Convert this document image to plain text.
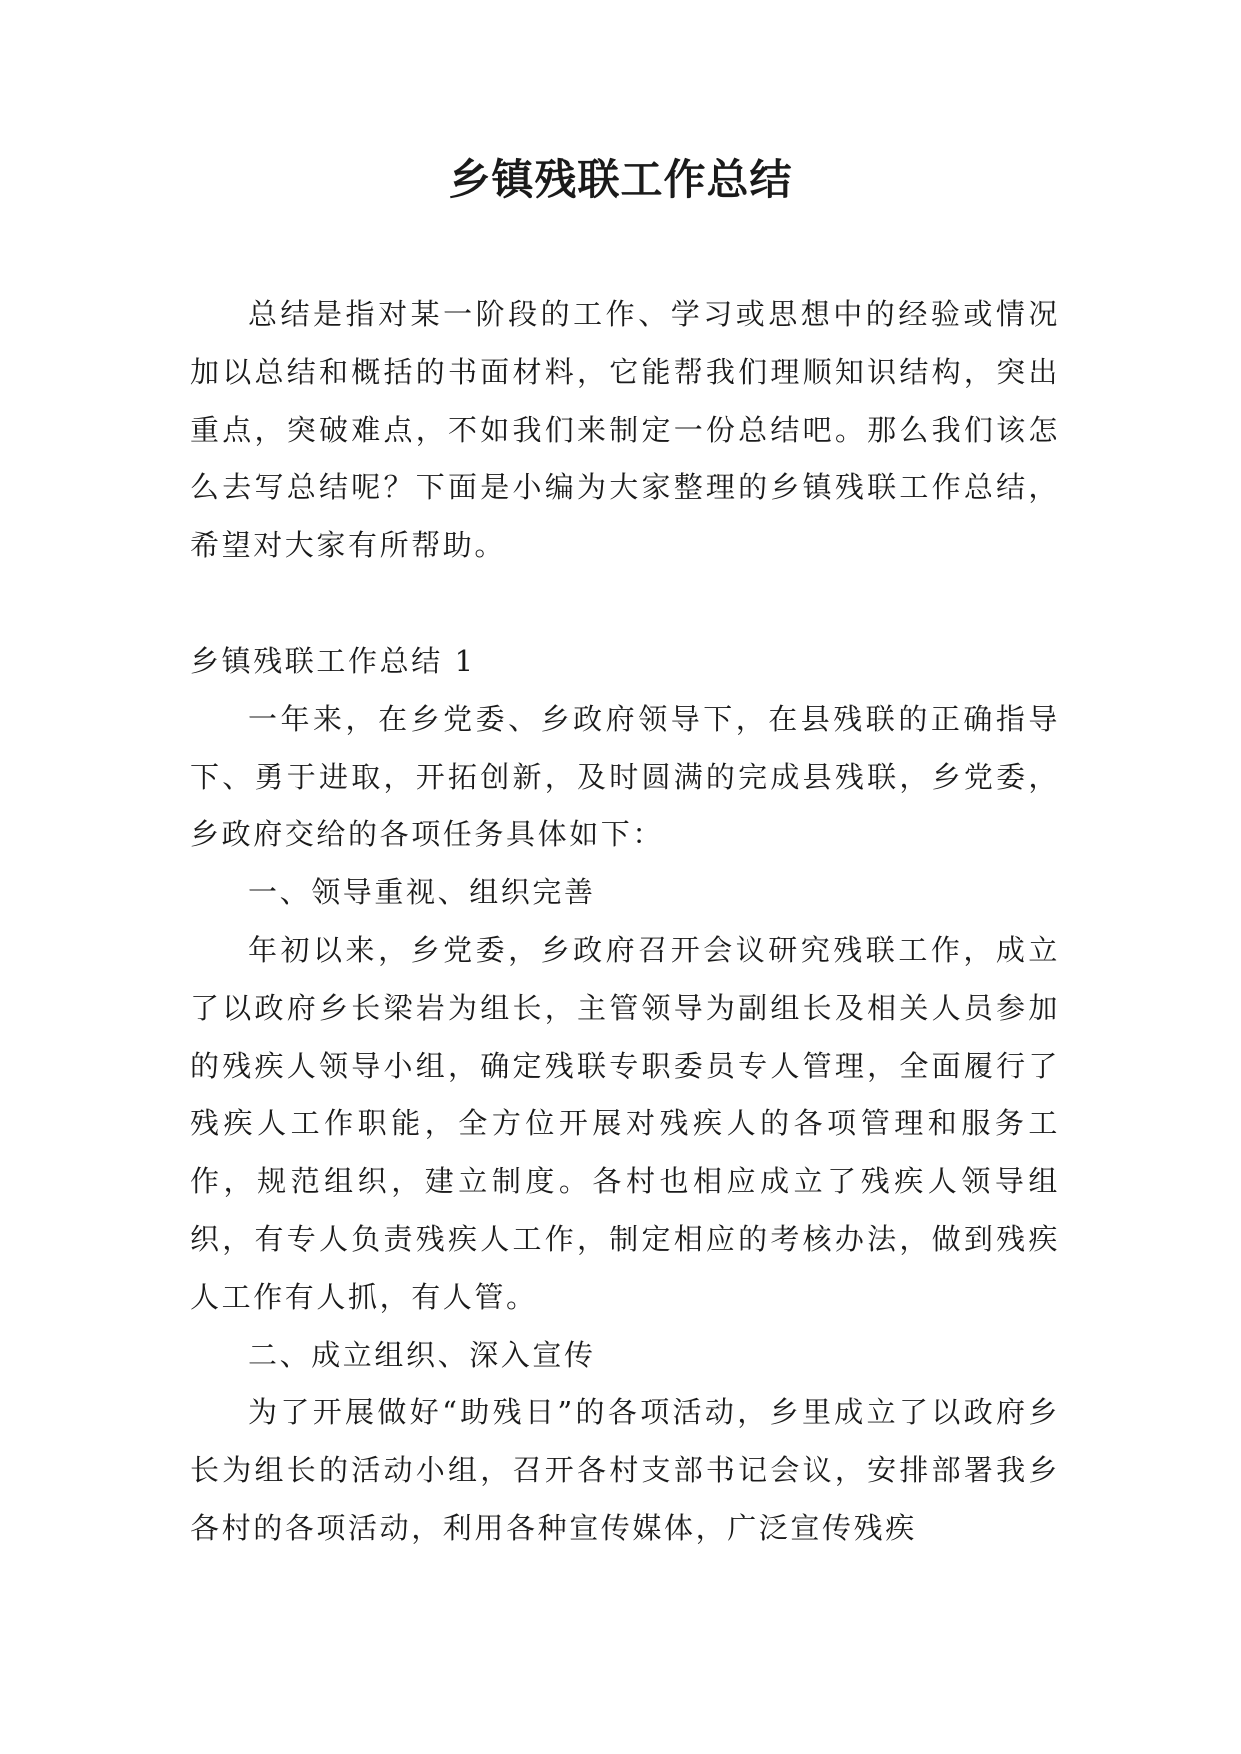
乡镇残联工作总结

总结是指对某一阶段的工作、学习或思想中的经验或情况加以总结和概括的书面材料，它能帮我们理顺知识结构，突出重点，突破难点，不如我们来制定一份总结吧。那么我们该怎么去写总结呢？下面是小编为大家整理的乡镇残联工作总结，希望对大家有所帮助。

乡镇残联工作总结 1

一年来，在乡党委、乡政府领导下，在县残联的正确指导下、勇于进取，开拓创新，及时圆满的完成县残联，乡党委，乡政府交给的各项任务具体如下：

一、领导重视、组织完善

年初以来，乡党委，乡政府召开会议研究残联工作，成立了以政府乡长梁岩为组长，主管领导为副组长及相关人员参加的残疾人领导小组，确定残联专职委员专人管理，全面履行了残疾人工作职能，全方位开展对残疾人的各项管理和服务工作，规范组织，建立制度。各村也相应成立了残疾人领导组织，有专人负责残疾人工作，制定相应的考核办法，做到残疾人工作有人抓，有人管。

二、成立组织、深入宣传

为了开展做好“助残日”的各项活动，乡里成立了以政府乡长为组长的活动小组，召开各村支部书记会议，安排部署我乡各村的各项活动，利用各种宣传媒体，广泛宣传残疾
